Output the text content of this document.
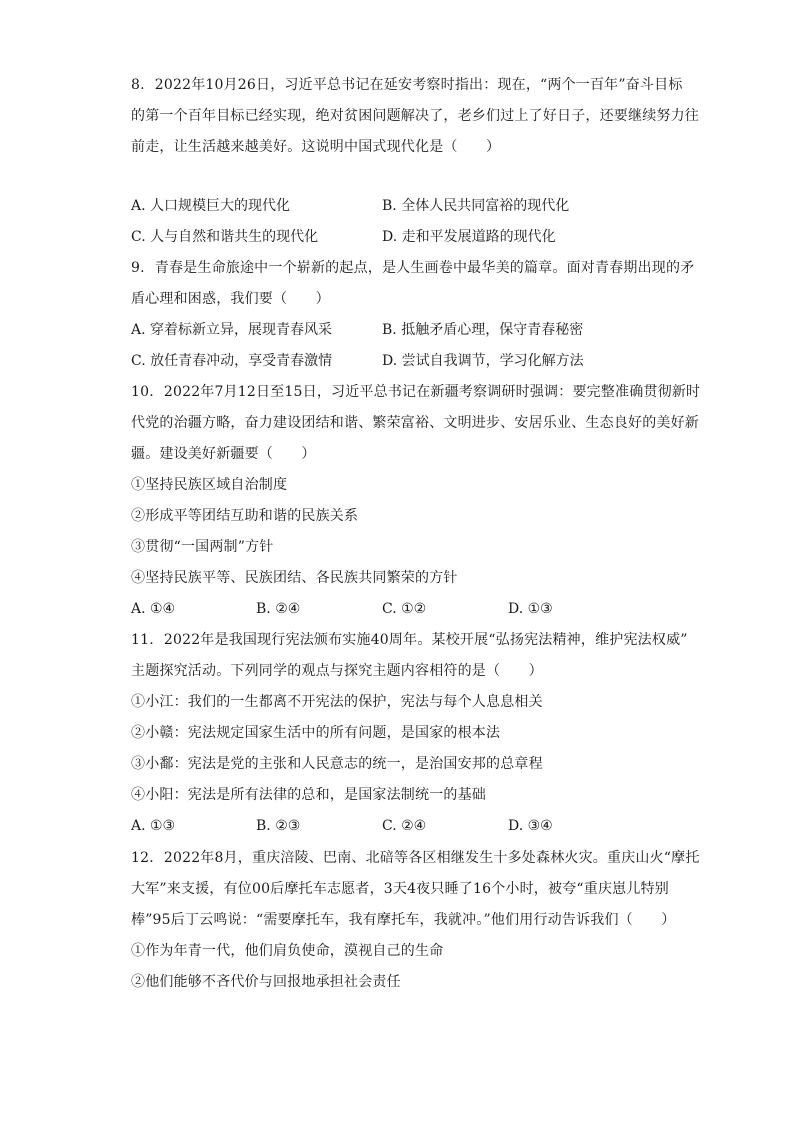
8. 2022年10月26日，习近平总书记在延安考察时指出：现在，“两个一百年”奋斗目标
的第一个百年目标已经实现，绝对贫困问题解决了，老乡们过上了好日子，还要继续努力往
前走，让生活越来越美好。这说明中国式现代化是（　　）
A. 人口规模巨大的现代化	B. 全体人民共同富裕的现代化
C. 人与自然和谐共生的现代化	D. 走和平发展道路的现代化
9. 青春是生命旅途中一个崭新的起点，是人生画卷中最华美的篇章。面对青春期出现的矛
盾心理和困惑，我们要（　　）
A. 穿着标新立异，展现青春风采	B. 抵触矛盾心理，保守青春秘密
C. 放任青春冲动，享受青春激情	D. 尝试自我调节，学习化解方法
10. 2022年7月12日至15日，习近平总书记在新疆考察调研时强调：要完整准确贯彻新时
代党的治疆方略，奋力建设团结和谐、繁荣富裕、文明进步、安居乐业、生态良好的美好新
疆。建设美好新疆要（　　）
①坚持民族区域自治制度
②形成平等团结互助和谐的民族关系
③贯彻“一国两制”方针
④坚持民族平等、民族团结、各民族共同繁荣的方针
A. ①④	B. ②④	C. ①②	D. ①③
11. 2022年是我国现行宪法颁布实施40周年。某校开展“弘扬宪法精神，维护宪法权威”
主题探究活动。下列同学的观点与探究主题内容相符的是（　　）
①小江：我们的一生都离不开宪法的保护，宪法与每个人息息相关
②小赣：宪法规定国家生活中的所有问题，是国家的根本法
③小鄱：宪法是党的主张和人民意志的统一，是治国安邦的总章程
④小阳：宪法是所有法律的总和，是国家法制统一的基础
A. ①③	B. ②③	C. ②④	D. ③④
12. 2022年8月，重庆涪陵、巴南、北碚等各区相继发生十多处森林火灾。重庆山火“摩托
大军”来支援，有位00后摩托车志愿者，3天4夜只睡了16个小时，被夸“重庆崽儿特别
棒”95后丁云鸣说：“需要摩托车，我有摩托车，我就冲。”他们用行动告诉我们（　　）
①作为年青一代，他们肩负使命，漠视自己的生命
②他们能够不吝代价与回报地承担社会责任
